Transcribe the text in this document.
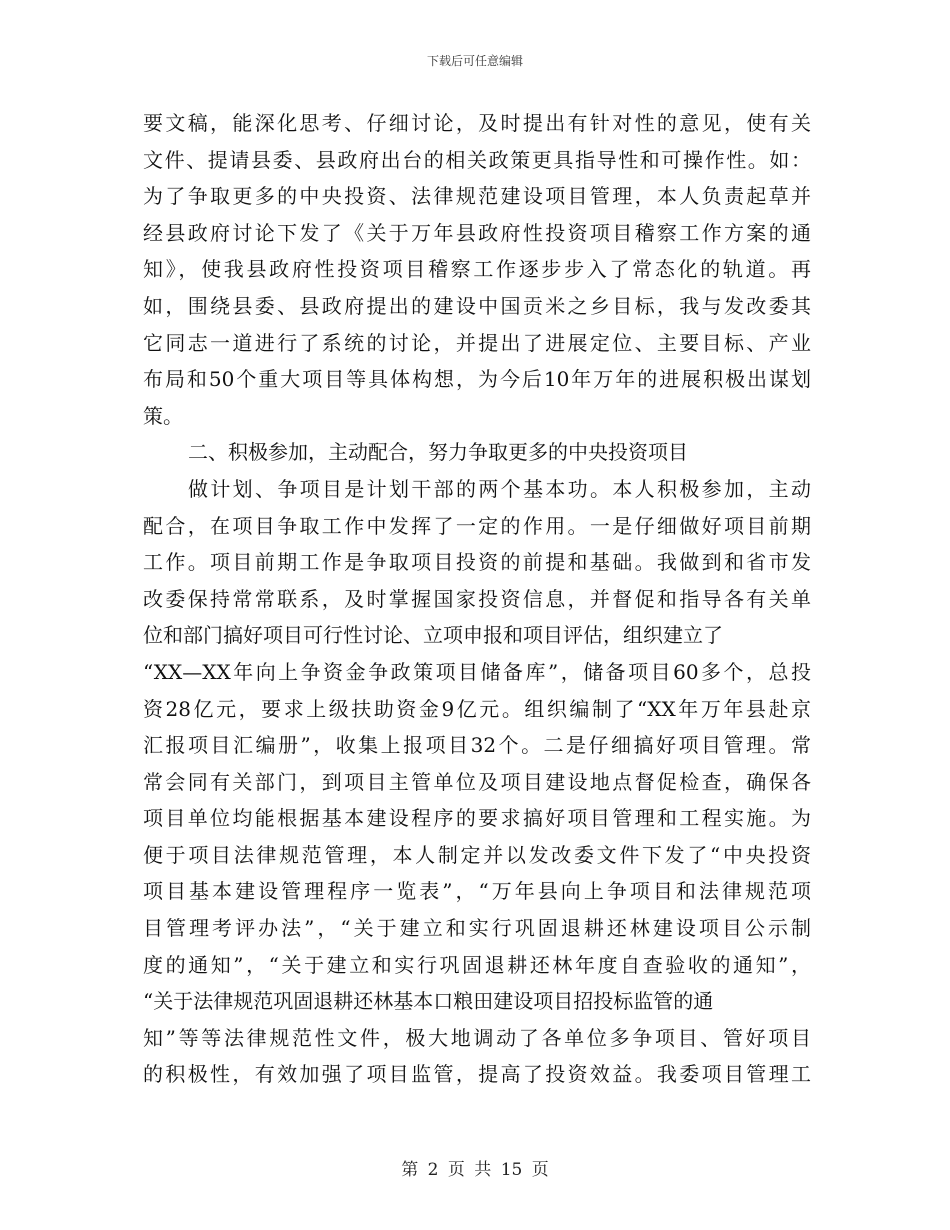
下载后可任意编辑
要文稿，能深化思考、仔细讨论，及时提出有针对性的意见，使有关
文件、提请县委、县政府出台的相关政策更具指导性和可操作性。如：
为了争取更多的中央投资、法律规范建设项目管理，本人负责起草并
经县政府讨论下发了《关于万年县政府性投资项目稽察工作方案的通
知》，使我县政府性投资项目稽察工作逐步步入了常态化的轨道。再
如，围绕县委、县政府提出的建设中国贡米之乡目标，我与发改委其
它同志一道进行了系统的讨论，并提出了进展定位、主要目标、产业
布局和50个重大项目等具体构想，为今后10年万年的进展积极出谋划
策。
二、积极参加，主动配合，努力争取更多的中央投资项目
做计划、争项目是计划干部的两个基本功。本人积极参加，主动
配合，在项目争取工作中发挥了一定的作用。一是仔细做好项目前期
工作。项目前期工作是争取项目投资的前提和基础。我做到和省市发
改委保持常常联系，及时掌握国家投资信息，并督促和指导各有关单
位和部门搞好项目可行性讨论、立项申报和项目评估，组织建立了
“XX—XX年向上争资金争政策项目储备库”，储备项目60多个，总投
资28亿元，要求上级扶助资金9亿元。组织编制了“XX年万年县赴京
汇报项目汇编册”，收集上报项目32个。二是仔细搞好项目管理。常
常会同有关部门，到项目主管单位及项目建设地点督促检查，确保各
项目单位均能根据基本建设程序的要求搞好项目管理和工程实施。为
便于项目法律规范管理，本人制定并以发改委文件下发了“中央投资
项目基本建设管理程序一览表”，“万年县向上争项目和法律规范项
目管理考评办法”，“关于建立和实行巩固退耕还林建设项目公示制
度的通知”，“关于建立和实行巩固退耕还林年度自查验收的通知”，
“关于法律规范巩固退耕还林基本口粮田建设项目招投标监管的通
知”等等法律规范性文件，极大地调动了各单位多争项目、管好项目
的积极性，有效加强了项目监管，提高了投资效益。我委项目管理工
第 2 页 共 15 页
